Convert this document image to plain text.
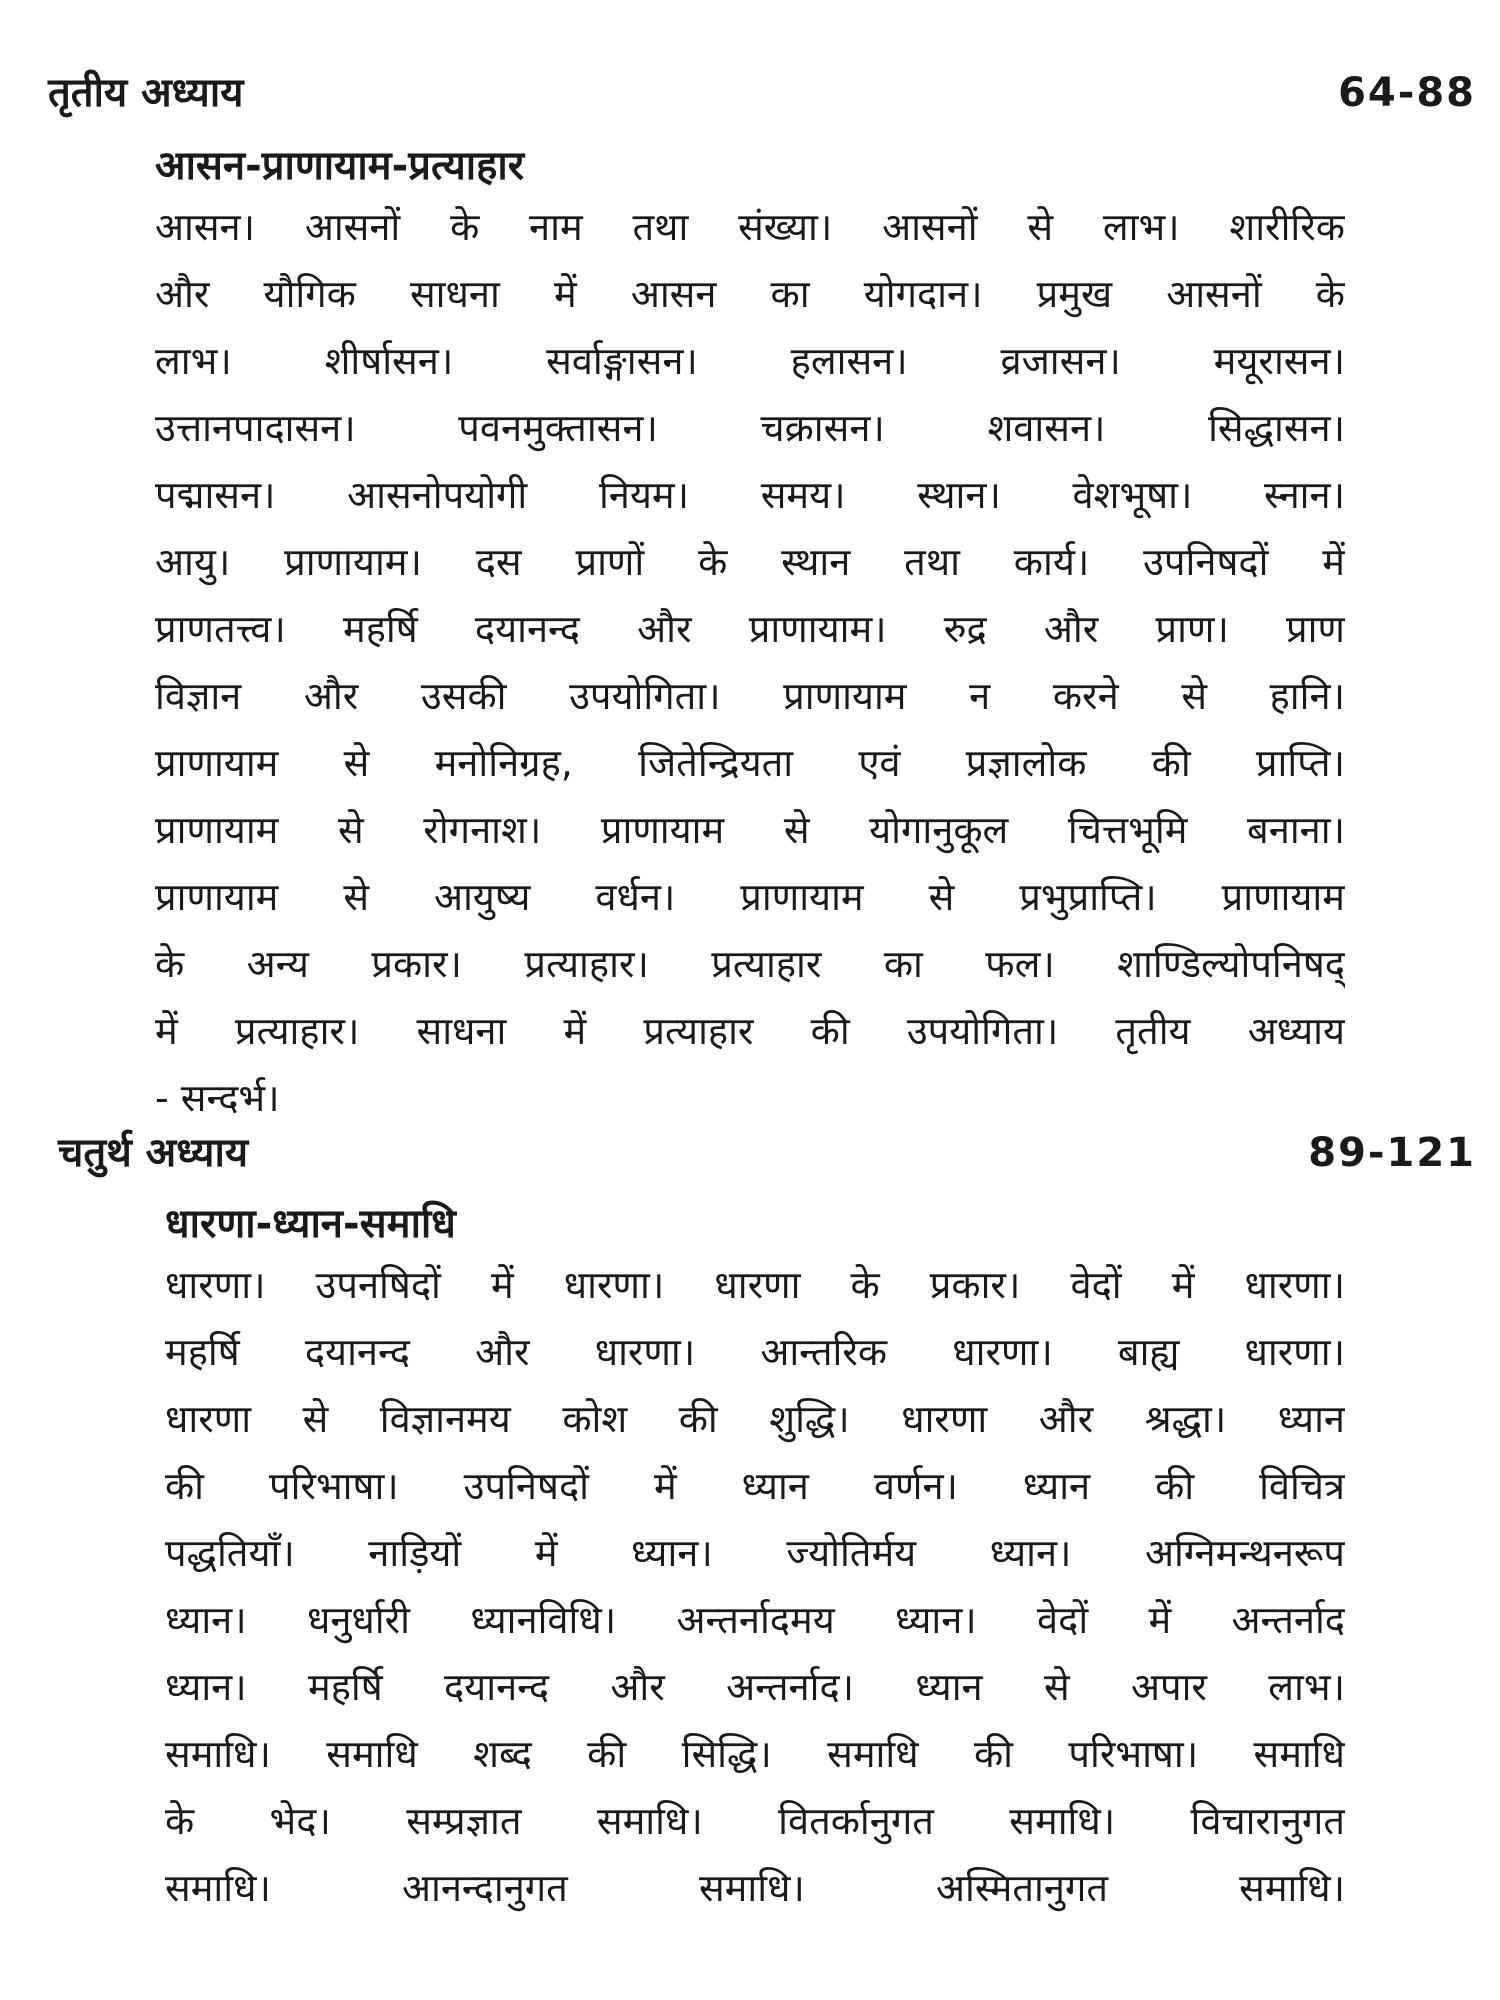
तृतीय अध्याय	64-88
आसन-प्राणायाम-प्रत्याहार
आसन। आसनों के नाम तथा संख्या। आसनों से लाभ। शारीरिक
और यौगिक साधना में आसन का योगदान। प्रमुख आसनों के
लाभ। शीर्षासन। सर्वाङ्गासन। हलासन। व्रजासन। मयूरासन।
उत्तानपादासन। पवनमुक्तासन। चक्रासन। शवासन। सिद्धासन।
पद्मासन। आसनोपयोगी नियम। समय। स्थान। वेशभूषा। स्नान।
आयु। प्राणायाम। दस प्राणों के स्थान तथा कार्य। उपनिषदों में
प्राणतत्त्व। महर्षि दयानन्द और प्राणायाम। रुद्र और प्राण। प्राण
विज्ञान और उसकी उपयोगिता। प्राणायाम न करने से हानि।
प्राणायाम से मनोनिग्रह, जितेन्द्रियता एवं प्रज्ञालोक की प्राप्ति।
प्राणायाम से रोगनाश। प्राणायाम से योगानुकूल चित्तभूमि बनाना।
प्राणायाम से आयुष्य वर्धन। प्राणायाम से प्रभुप्राप्ति। प्राणायाम
के अन्य प्रकार। प्रत्याहार। प्रत्याहार का फल। शाण्डिल्योपनिषद्
में प्रत्याहार। साधना में प्रत्याहार की उपयोगिता। तृतीय अध्याय
- सन्दर्भ।
चतुर्थ अध्याय	89-121
धारणा-ध्यान-समाधि
धारणा। उपनषिदों में धारणा। धारणा के प्रकार। वेदों में धारणा।
महर्षि दयानन्द और धारणा। आन्तरिक धारणा। बाह्य धारणा।
धारणा से विज्ञानमय कोश की शुद्धि। धारणा और श्रद्धा। ध्यान
की परिभाषा। उपनिषदों में ध्यान वर्णन। ध्यान की विचित्र
पद्धतियाँ। नाड़ियों में ध्यान। ज्योतिर्मय ध्यान। अग्निमन्थनरूप
ध्यान। धनुर्धारी ध्यानविधि। अन्तर्नादमय ध्यान। वेदों में अन्तर्नाद
ध्यान। महर्षि दयानन्द और अन्तर्नाद। ध्यान से अपार लाभ।
समाधि। समाधि शब्द की सिद्धि। समाधि की परिभाषा। समाधि
के भेद। सम्प्रज्ञात समाधि। वितर्कानुगत समाधि। विचारानुगत
समाधि। आनन्दानुगत समाधि। अस्मितानुगत समाधि।
